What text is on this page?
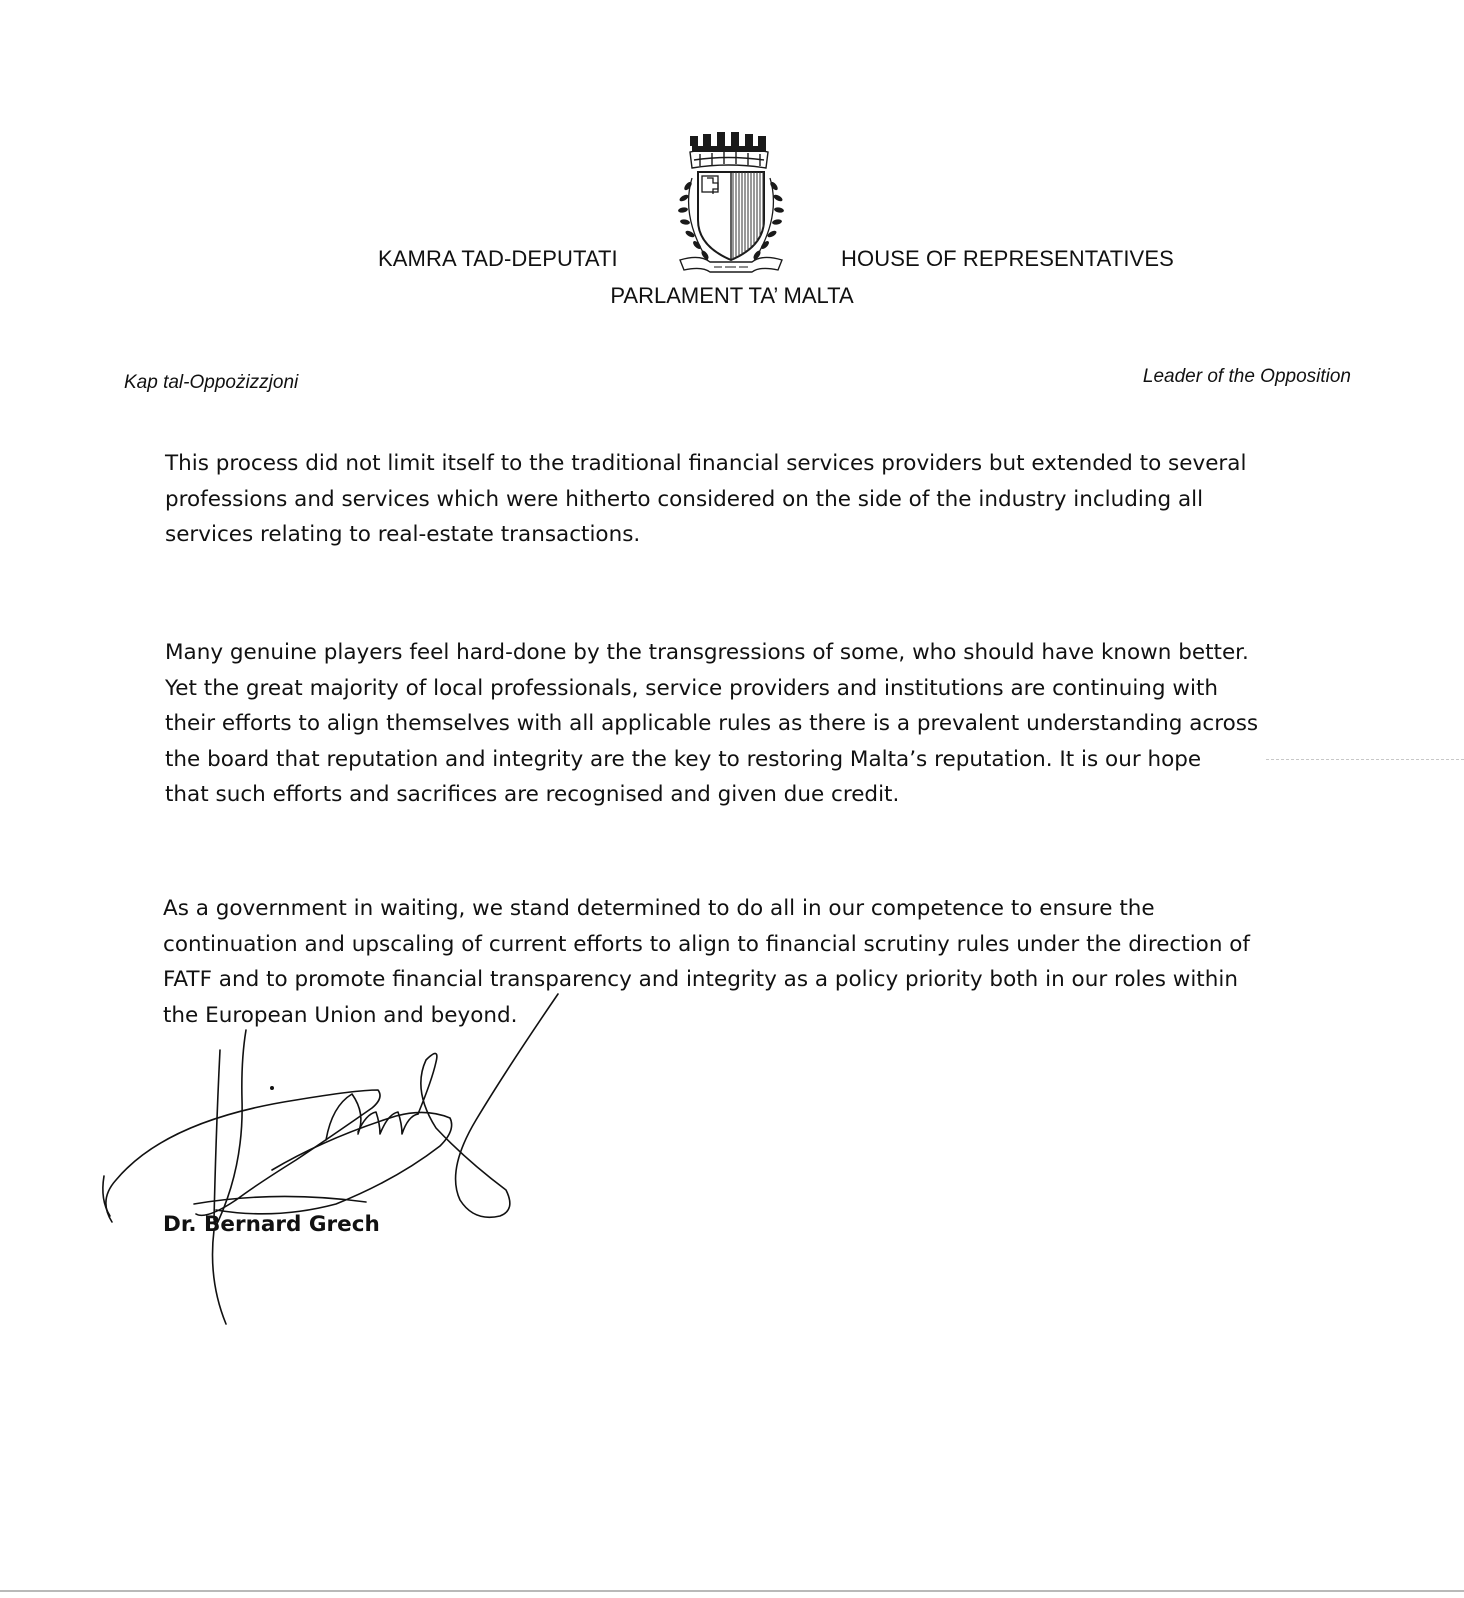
KAMRA TAD-DEPUTATI	HOUSE OF REPRESENTATIVES
PARLAMENT TA’ MALTA
Kap tal-Oppożizzjoni	Leader of the Opposition
This process did not limit itself to the traditional financial services providers but extended to several
professions and services which were hitherto considered on the side of the industry including all
services relating to real-estate transactions.
Many genuine players feel hard-done by the transgressions of some, who should have known better.
Yet the great majority of local professionals, service providers and institutions are continuing with
their efforts to align themselves with all applicable rules as there is a prevalent understanding across
the board that reputation and integrity are the key to restoring Malta’s reputation. It is our hope
that such efforts and sacrifices are recognised and given due credit.
As a government in waiting, we stand determined to do all in our competence to ensure the
continuation and upscaling of current efforts to align to financial scrutiny rules under the direction of
FATF and to promote financial transparency and integrity as a policy priority both in our roles within
the European Union and beyond.
Dr. Bernard Grech
